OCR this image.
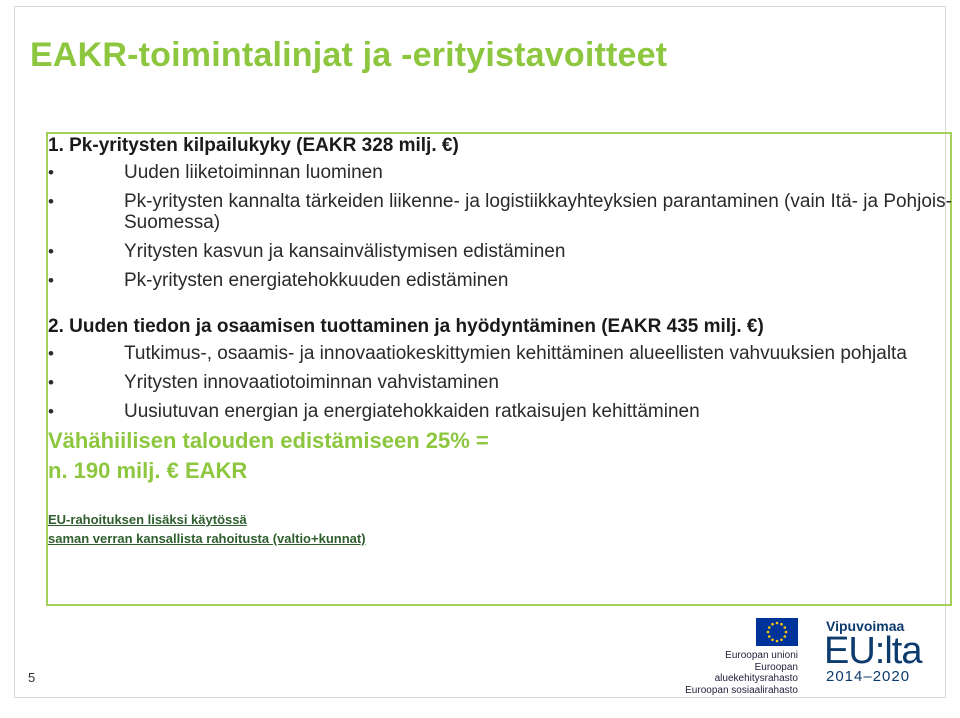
EAKR-toimintalinjat ja -erityistavoitteet

1. Pk-yritysten kilpailukyky (EAKR 328 milj. €)

• Uuden liiketoiminnan luominen
• Pk-yritysten kannalta tärkeiden liikenne- ja logistiikkayhteyksien parantaminen (vain Itä- ja Pohjois-Suomessa)
• Yritysten kasvun ja kansainvälistymisen edistäminen
• Pk-yritysten energiatehokkuuden edistäminen

2. Uuden tiedon ja osaamisen tuottaminen ja hyödyntäminen (EAKR 435 milj. €)

• Tutkimus-, osaamis- ja innovaatiokeskittymien kehittäminen alueellisten vahvuuksien pohjalta
• Yritysten innovaatiotoiminnan vahvistaminen
• Uusiutuvan energian ja energiatehokkaiden ratkaisujen kehittäminen

Vähähiilisen talouden edistämiseen 25% =

n. 190 milj. € EAKR

EU-rahoituksen lisäksi käytössä

saman verran kansallista rahoitusta (valtio+kunnat)

5
Euroopan unioni
Euroopan aluekehitysrahasto
Euroopan sosiaalirahasto
Vipuvoimaa
EU:lta
2014–2020
